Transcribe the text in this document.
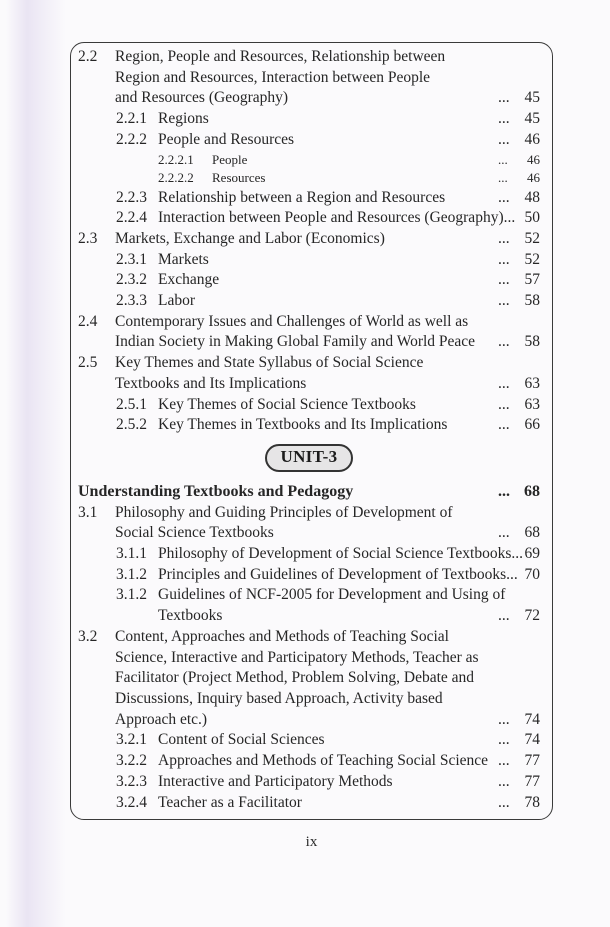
2.2	Region, People and Resources, Relationship between
Region and Resources, Interaction between People
and Resources (Geography)	... 45
2.2.1 Regions	... 45
2.2.2 People and Resources	... 46
2.2.2.1	People	...	46
2.2.2.2	Resources	...	46
2.2.3 Relationship between a Region and Resources	... 48
2.2.4 Interaction between People and Resources (Geography)... 50
2.3	Markets, Exchange and Labor (Economics)	... 52
2.3.1 Markets	... 52
2.3.2 Exchange	... 57
2.3.3 Labor	... 58
2.4	Contemporary Issues and Challenges of World as well as
Indian Society in Making Global Family and World Peace	... 58
2.5	Key Themes and State Syllabus of Social Science
Textbooks and Its Implications	... 63
2.5.1 Key Themes of Social Science Textbooks	... 63
2.5.2 Key Themes in Textbooks and Its Implications	... 66
UNIT-3
Understanding Textbooks and Pedagogy	... 68
3.1	Philosophy and Guiding Principles of Development of
Social Science Textbooks	... 68
3.1.1 Philosophy of Development of Social Science Textbooks... 69
3.1.2 Principles and Guidelines of Development of Textbooks... 70
3.1.2 Guidelines of NCF-2005 for Development and Using of
Textbooks	... 72
3.2	Content, Approaches and Methods of Teaching Social
Science, Interactive and Participatory Methods, Teacher as
Facilitator (Project Method, Problem Solving, Debate and
Discussions, Inquiry based Approach, Activity based
Approach etc.)	... 74
3.2.1 Content of Social Sciences	... 74
3.2.2 Approaches and Methods of Teaching Social Science ... 77
3.2.3 Interactive and Participatory Methods	... 77
3.2.4 Teacher as a Facilitator	... 78
ix
